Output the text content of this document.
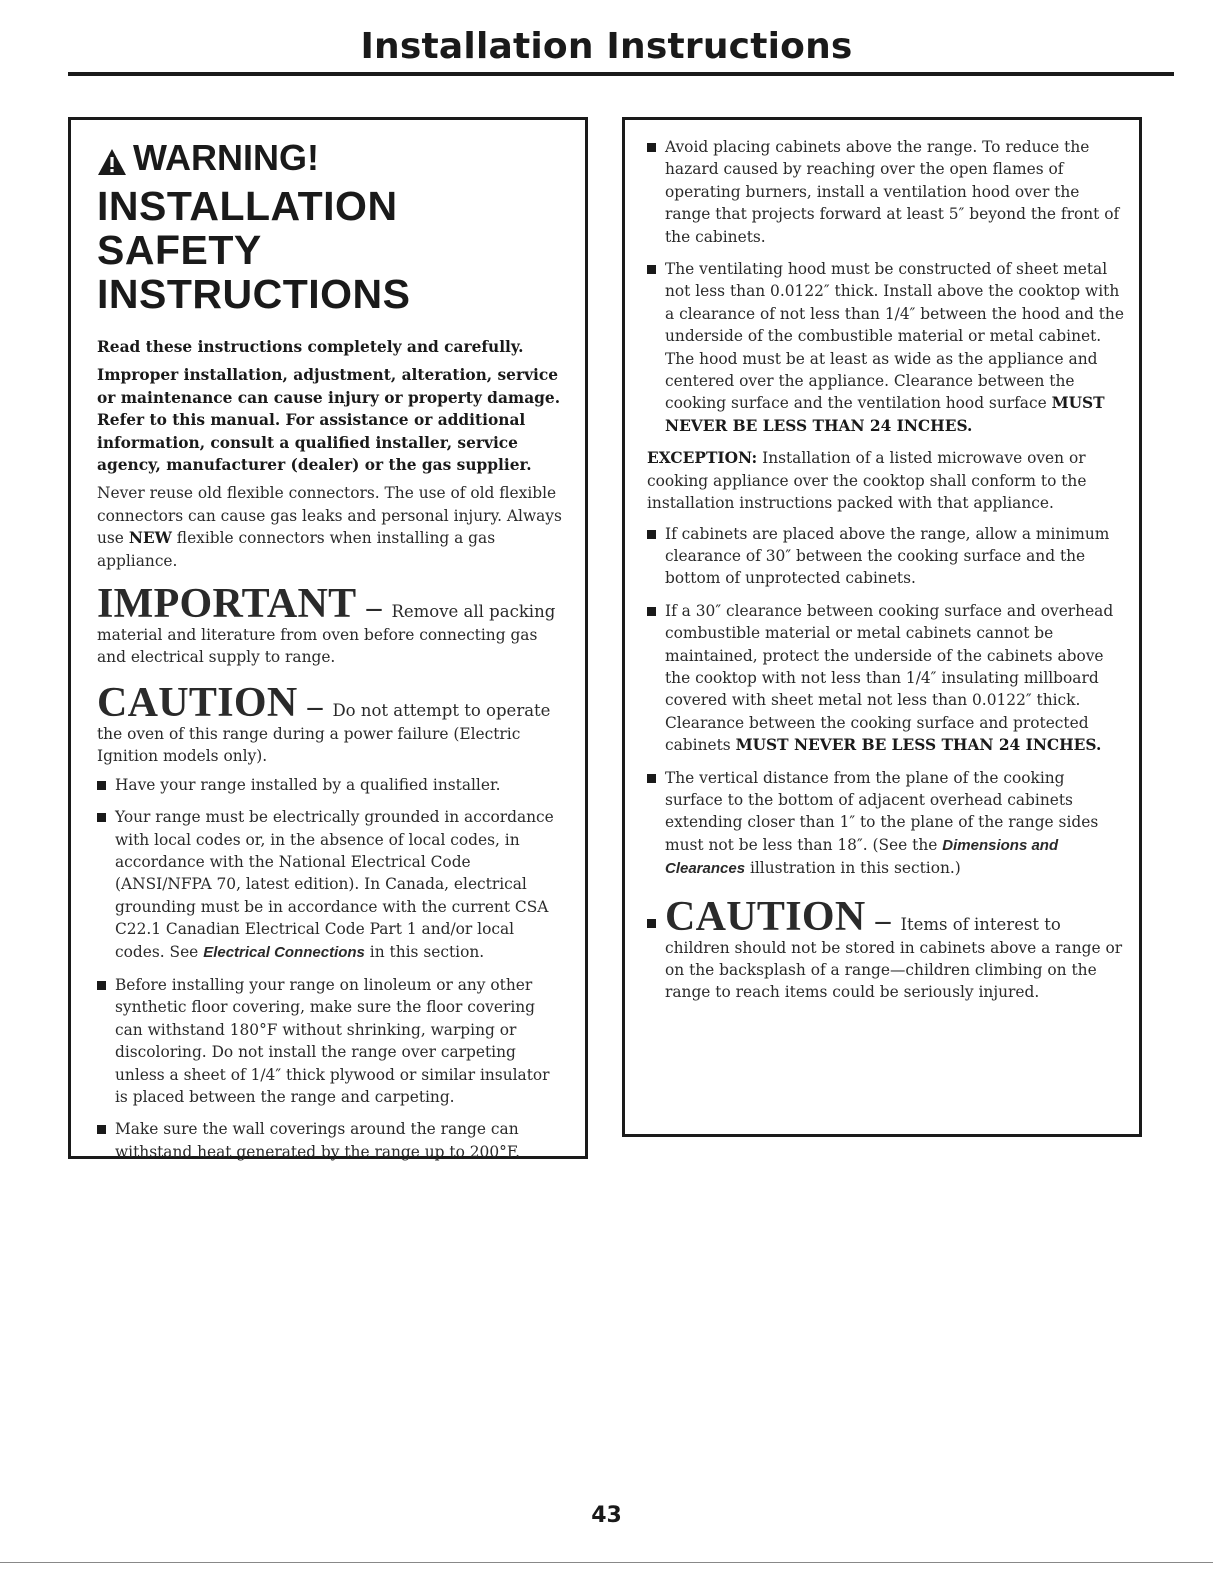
Installation Instructions
WARNING!
INSTALLATION SAFETY
INSTRUCTIONS

Read these instructions completely and carefully.

Improper installation, adjustment, alteration, service or maintenance can cause injury or property damage. Refer to this manual. For assistance or additional information, consult a qualified installer, service agency, manufacturer (dealer) or the gas supplier.

Never reuse old flexible connectors. The use of old flexible connectors can cause gas leaks and personal injury. Always use NEW flexible connectors when installing a gas appliance.

IMPORTANT – Remove all packing
material and literature from oven before connecting gas and electrical supply to range.

CAUTION – Do not attempt to operate
the oven of this range during a power failure (Electric Ignition models only).

Have your range installed by a qualified installer.
Your range must be electrically grounded in accordance with local codes or, in the absence of local codes, in accordance with the National Electrical Code (ANSI/NFPA 70, latest edition). In Canada, electrical grounding must be in accordance with the current CSA C22.1 Canadian Electrical Code Part 1 and/or local codes. See Electrical Connections in this section.
Before installing your range on linoleum or any other synthetic floor covering, make sure the floor covering can withstand 180°F without shrinking, warping or discoloring. Do not install the range over carpeting unless a sheet of 1/4″ thick plywood or similar insulator is placed between the range and carpeting.
Make sure the wall coverings around the range can withstand heat generated by the range up to 200°F.
Avoid placing cabinets above the range. To reduce the hazard caused by reaching over the open flames of operating burners, install a ventilation hood over the range that projects forward at least 5″ beyond the front of the cabinets.
The ventilating hood must be constructed of sheet metal not less than 0.0122″ thick. Install above the cooktop with a clearance of not less than 1/4″ between the hood and the underside of the combustible material or metal cabinet. The hood must be at least as wide as the appliance and centered over the appliance. Clearance between the cooking surface and the ventilation hood surface MUST NEVER BE LESS THAN 24 INCHES.

EXCEPTION: Installation of a listed microwave oven or cooking appliance over the cooktop shall conform to the installation instructions packed with that appliance.

If cabinets are placed above the range, allow a minimum clearance of 30″ between the cooking surface and the bottom of unprotected cabinets.
If a 30″ clearance between cooking surface and overhead combustible material or metal cabinets cannot be maintained, protect the underside of the cabinets above the cooktop with not less than 1/4″ insulating millboard covered with sheet metal not less than 0.0122″ thick. Clearance between the cooking surface and protected cabinets MUST NEVER BE LESS THAN 24 INCHES.
The vertical distance from the plane of the cooking surface to the bottom of adjacent overhead cabinets extending closer than 1″ to the plane of the range sides must not be less than 18″. (See the Dimensions and Clearances illustration in this section.)
CAUTION – Items of interest to
children should not be stored in cabinets above a range or on the backsplash of a range—children climbing on the range to reach items could be seriously injured.
43
